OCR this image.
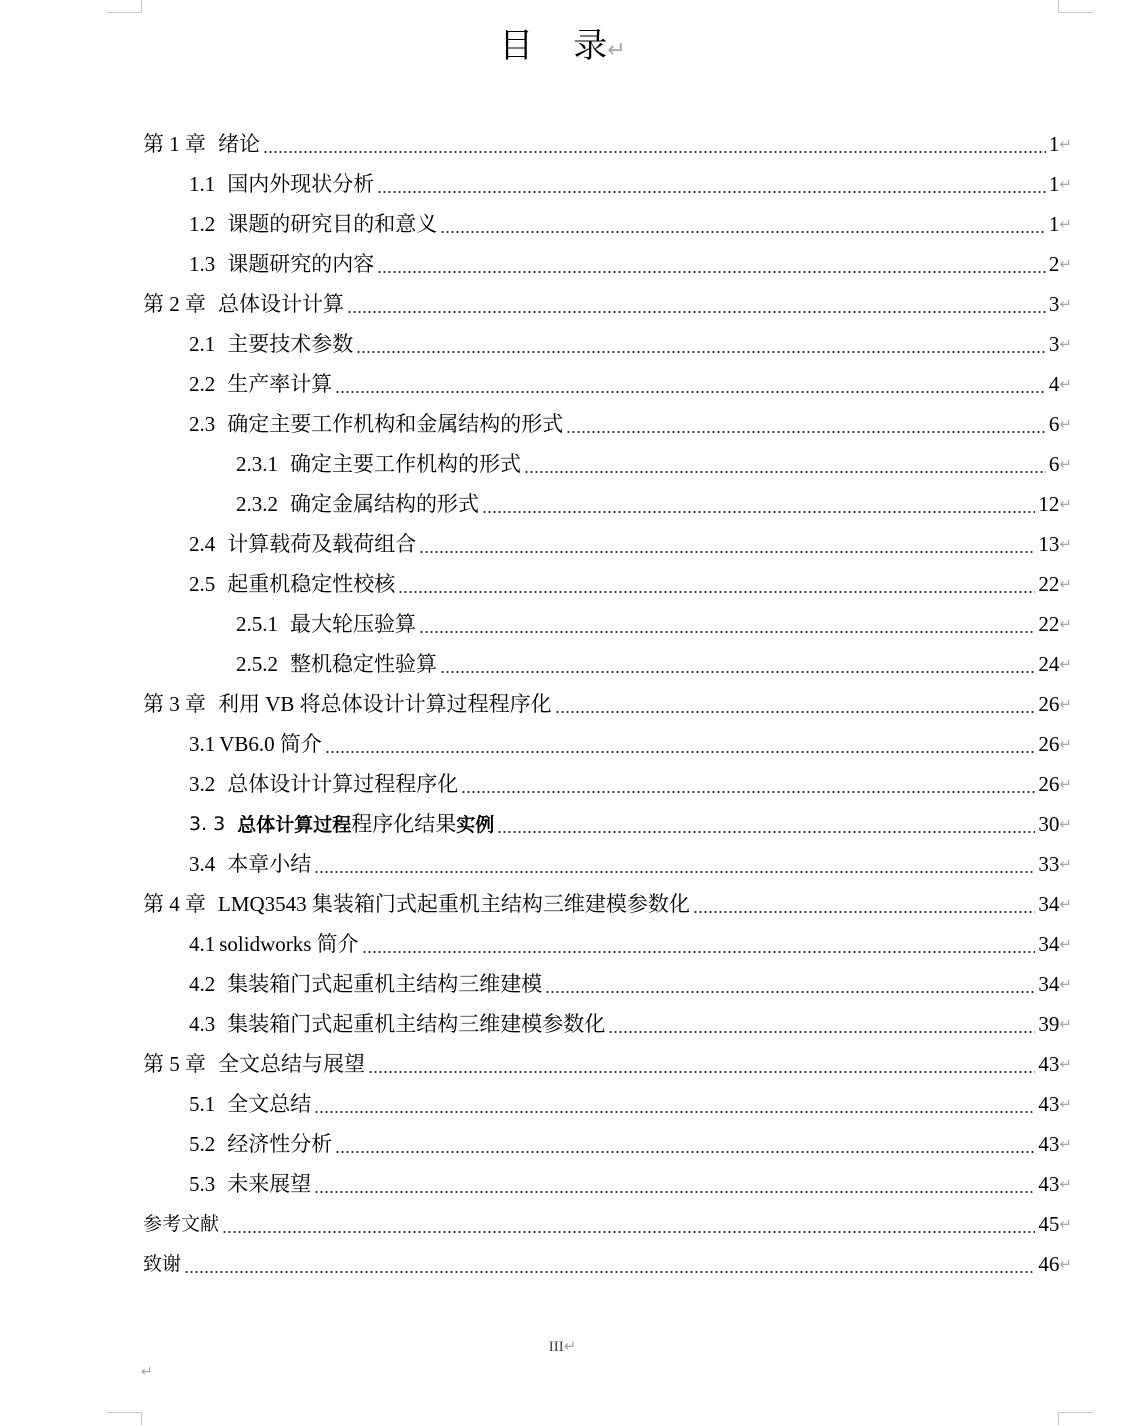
目 录↵
第 1 章 绪论	1 ↵
1.1 国内外现状分析	1 ↵
1.2 课题的研究目的和意义	1 ↵
1.3 课题研究的内容	2 ↵
第 2 章 总体设计计算	3 ↵
2.1 主要技术参数	3 ↵
2.2 生产率计算	4 ↵
2.3 确定主要工作机构和金属结构的形式	6 ↵
2.3.1 确定主要工作机构的形式	6 ↵
2.3.2 确定金属结构的形式	12 ↵
2.4 计算载荷及载荷组合	13 ↵
2.5 起重机稳定性校核	22 ↵
2.5.1 最大轮压验算	22 ↵
2.5.2 整机稳定性验算	24 ↵
第 3 章 利用 VB 将总体设计计算过程程序化	26 ↵
3.1 VB6.0 简介	26 ↵
3.2 总体设计计算过程程序化	26 ↵
3. 3 总体计算过程程序化结果实例	30 ↵
3.4 本章小结	33 ↵
第 4 章 LMQ3543 集装箱门式起重机主结构三维建模参数化	34 ↵
4.1 solidworks 简介	34 ↵
4.2 集装箱门式起重机主结构三维建模	34 ↵
4.3 集装箱门式起重机主结构三维建模参数化	39 ↵
第 5 章 全文总结与展望	43 ↵
5.1 全文总结	43 ↵
5.2 经济性分析	43 ↵
5.3 未来展望	43 ↵
参考文献	45 ↵
致谢	46 ↵
III↵
↵
